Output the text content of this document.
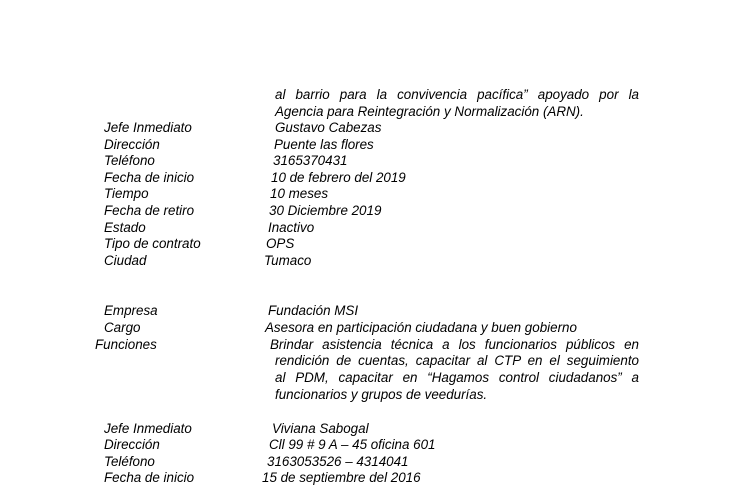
al barrio para la convivencia pacífica” apoyado por la
Agencia para Reintegración y Normalización (ARN).
Jefe Inmediato	Gustavo Cabezas
Dirección	Puente las flores
Teléfono	3165370431
Fecha de inicio	10 de febrero del 2019
Tiempo	10 meses
Fecha de retiro	30 Diciembre 2019
Estado	Inactivo
Tipo de contrato	OPS
Ciudad	Tumaco
Empresa	Fundación MSI
Cargo	Asesora en participación ciudadana y buen gobierno
Funciones	Brindar asistencia técnica a los funcionarios públicos en
rendición de cuentas, capacitar al CTP en el seguimiento
al PDM, capacitar en “Hagamos control ciudadanos” a
funcionarios y grupos de veedurías.
Jefe Inmediato	Viviana Sabogal
Dirección	Cll 99 # 9 A – 45 oficina 601
Teléfono	3163053526 – 4314041
Fecha de inicio	15 de septiembre del 2016
